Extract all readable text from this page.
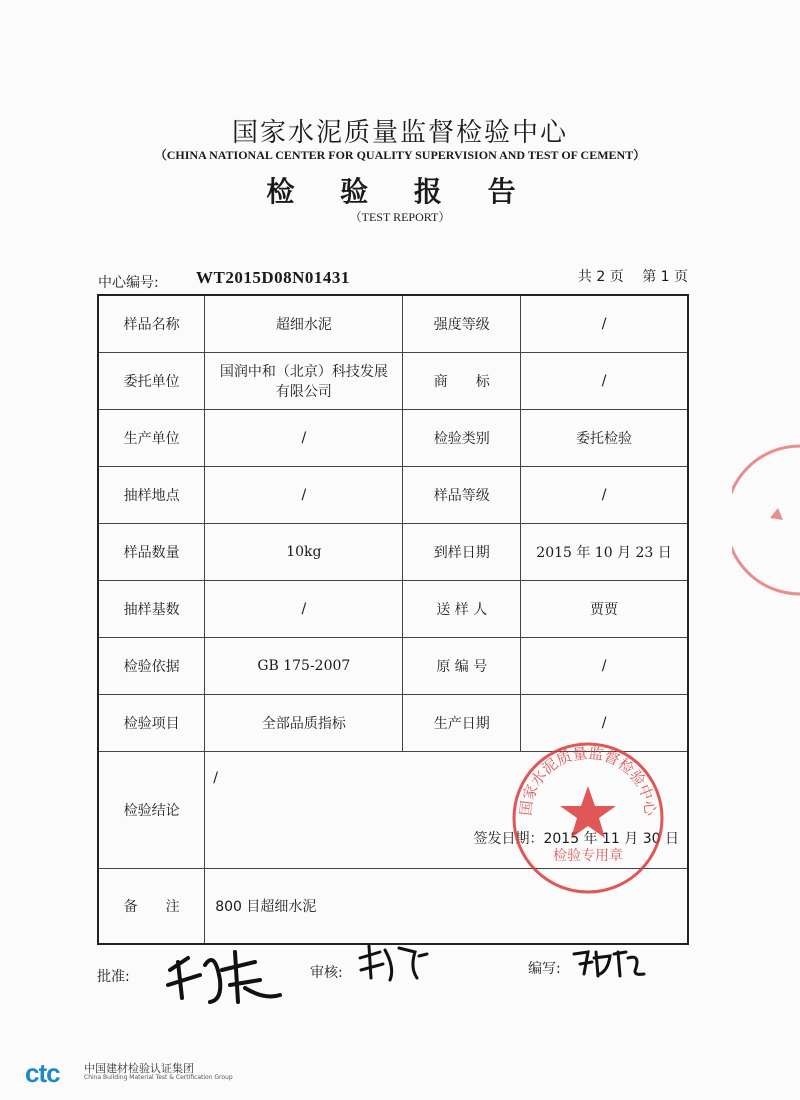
国家水泥质量监督检验中心
（CHINA NATIONAL CENTER FOR QUALITY SUPERVISION AND TEST OF CEMENT）
检 验 报 告
（TEST REPORT）
中心编号: WT2015D08N01431	共 2 页 第 1 页
样品名称	超细水泥	强度等级	/
委托单位	国润中和（北京）科技发展
有限公司	商　　标	/
生产单位	/	检验类别	委托检验
抽样地点	/	样品等级	/
样品数量	10kg	到样日期	2015 年 10 月 23 日
抽样基数	/	送 样 人	贾贾
检验依据	GB 175-2007	原 编 号	/
检验项目	全部品质指标	生产日期	/
检验结论	/
签发日期：2015 年 11 月 30 日		

备　　注	800 目超细水泥		
国家水泥质量监督检验中心
检验专用章
批准:	审核:	编写:
ctc 中国建材检验认证集团
China Building Material Test & Certification Group
